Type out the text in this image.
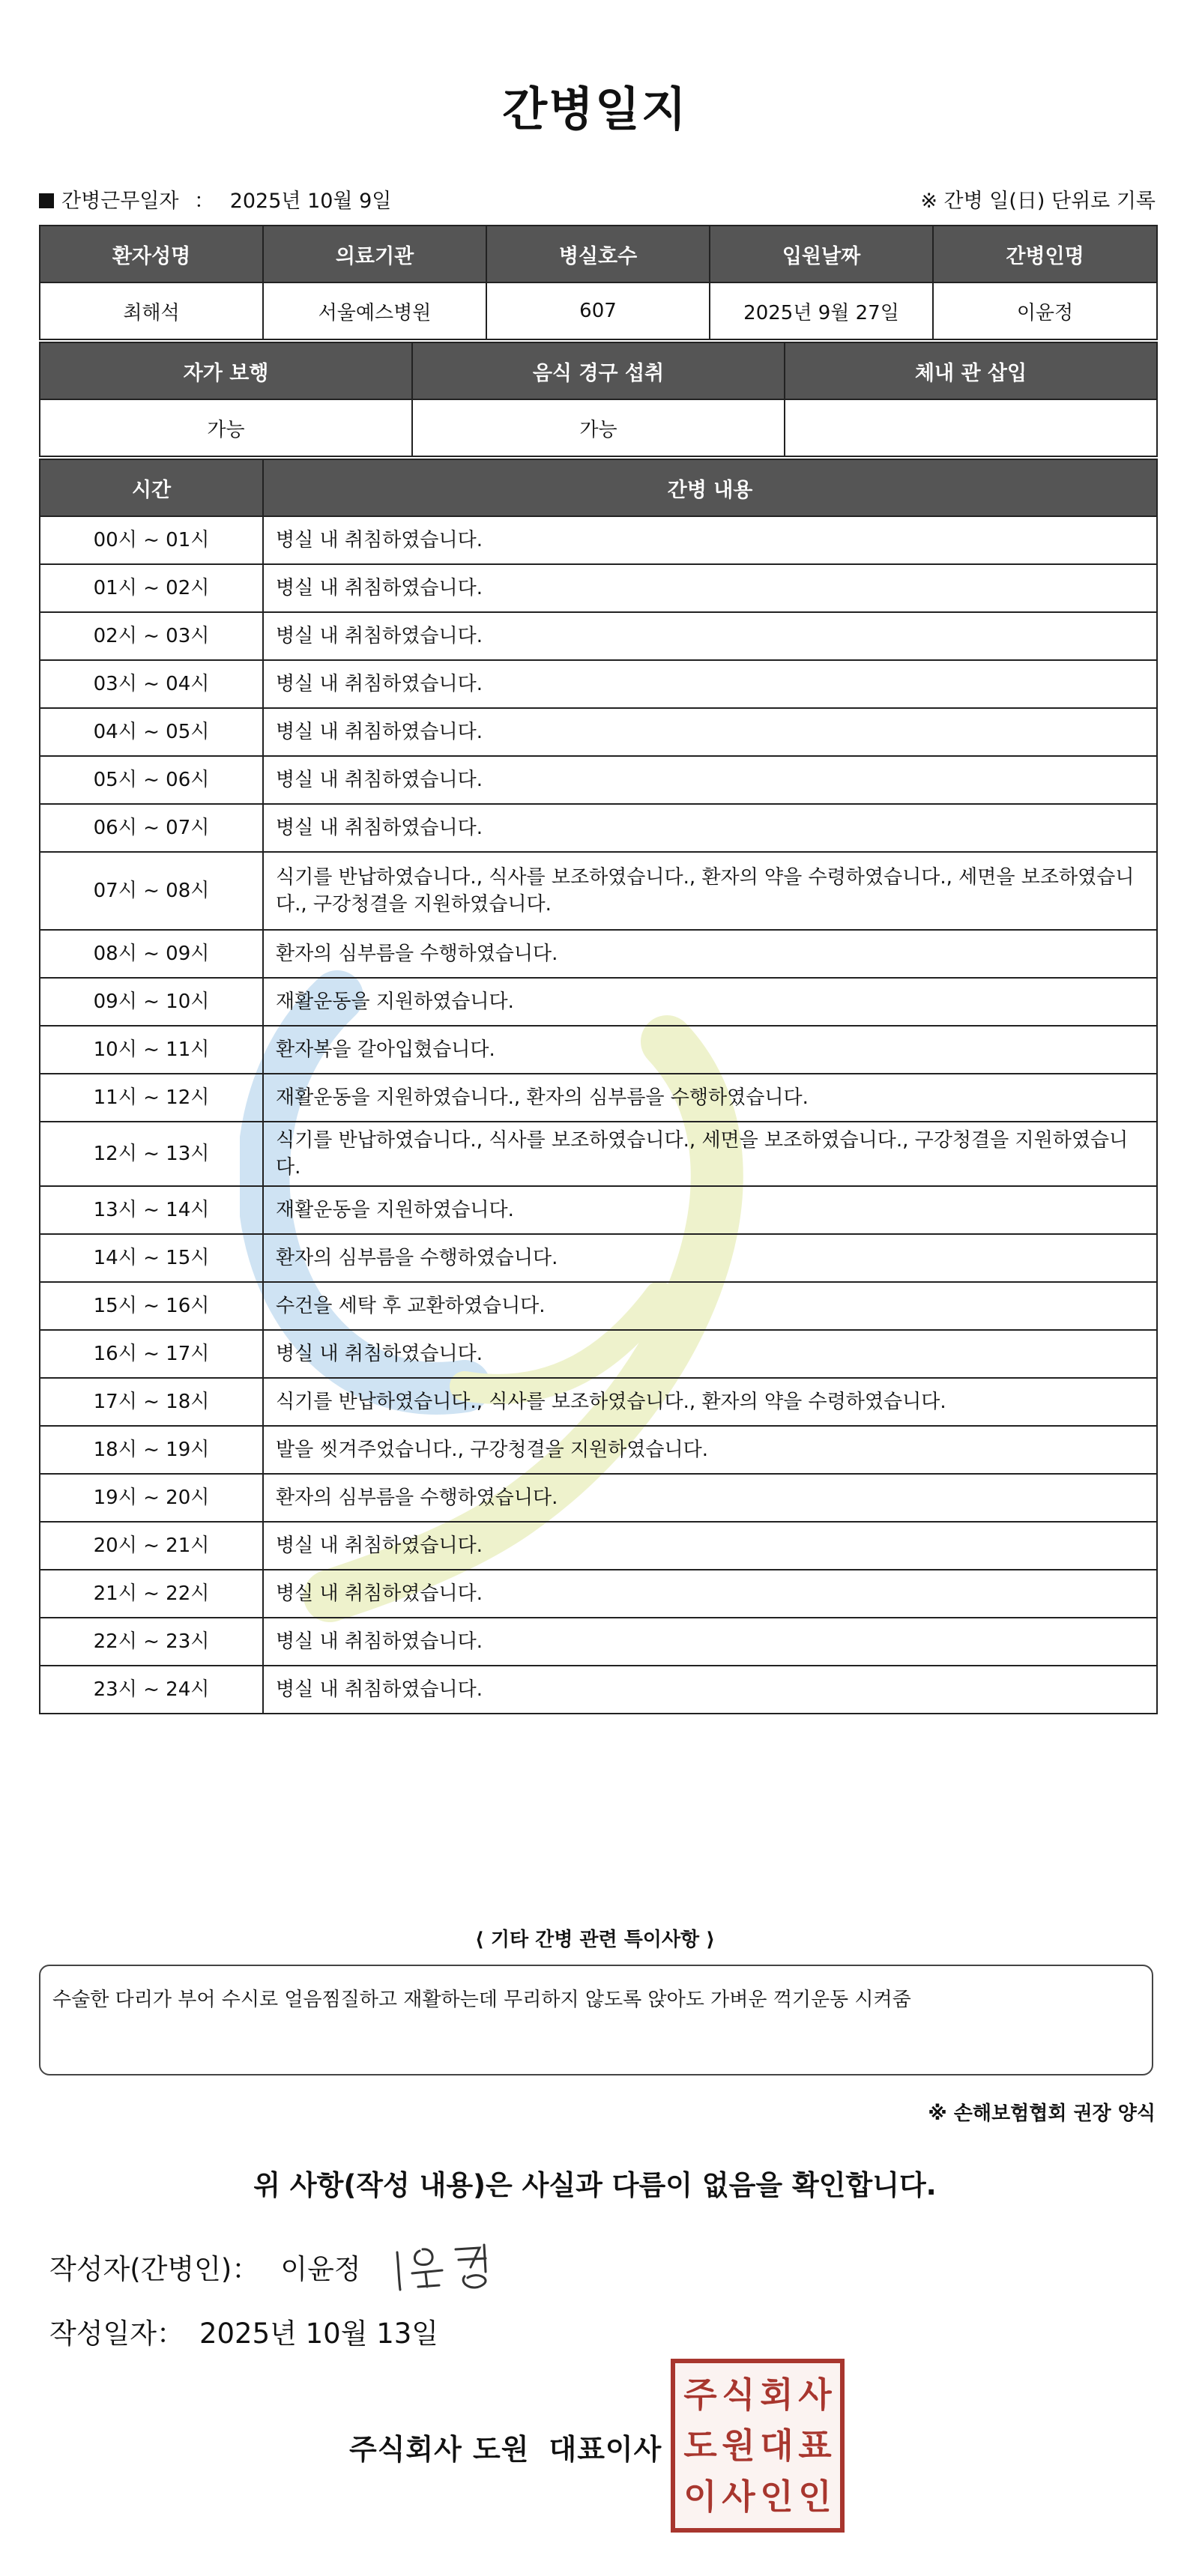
간병일지
간병근무일자 ： 2025년 10월 9일	※ 간병 일(日) 단위로 기록
환자성명	의료기관	병실호수	입원날짜	간병인명
최해석	서울예스병원	607	2025년 9월 27일	이윤정
자가 보행	음식 경구 섭취	체내 관 삽입
가능	가능	
시간	간병 내용
00시 ~ 01시	병실 내 취침하였습니다.
01시 ~ 02시	병실 내 취침하였습니다.
02시 ~ 03시	병실 내 취침하였습니다.
03시 ~ 04시	병실 내 취침하였습니다.
04시 ~ 05시	병실 내 취침하였습니다.
05시 ~ 06시	병실 내 취침하였습니다.
06시 ~ 07시	병실 내 취침하였습니다.
07시 ~ 08시	식기를 반납하였습니다., 식사를 보조하였습니다., 환자의 약을 수령하였습니다., 세면을 보조하였습니다., 구강청결을 지원하였습니다.
08시 ~ 09시	환자의 심부름을 수행하였습니다.
09시 ~ 10시	재활운동을 지원하였습니다.
10시 ~ 11시	환자복을 갈아입혔습니다.
11시 ~ 12시	재활운동을 지원하였습니다., 환자의 심부름을 수행하였습니다.
12시 ~ 13시	식기를 반납하였습니다., 식사를 보조하였습니다., 세면을 보조하였습니다., 구강청결을 지원하였습니다.
13시 ~ 14시	재활운동을 지원하였습니다.
14시 ~ 15시	환자의 심부름을 수행하였습니다.
15시 ~ 16시	수건을 세탁 후 교환하였습니다.
16시 ~ 17시	병실 내 취침하였습니다.
17시 ~ 18시	식기를 반납하였습니다., 식사를 보조하였습니다., 환자의 약을 수령하였습니다.
18시 ~ 19시	발을 씻겨주었습니다., 구강청결을 지원하였습니다.
19시 ~ 20시	환자의 심부름을 수행하였습니다.
20시 ~ 21시	병실 내 취침하였습니다.
21시 ~ 22시	병실 내 취침하였습니다.
22시 ~ 23시	병실 내 취침하였습니다.
23시 ~ 24시	병실 내 취침하였습니다.
⟨ 기타 간병 관련 특이사항 ⟩
수술한 다리가 부어 수시로 얼음찜질하고 재활하는데 무리하지 않도록 앉아도 가벼운 꺽기운동 시켜줌
※ 손해보험협회 권장 양식
위 사항(작성 내용)은 사실과 다름이 없음을 확인합니다.
작성자(간병인)： 이윤정
작성일자： 2025년 10월 13일
주식회사 도원 대표이사
주 식 회 사
도 원 대 표
이 사 인 인
